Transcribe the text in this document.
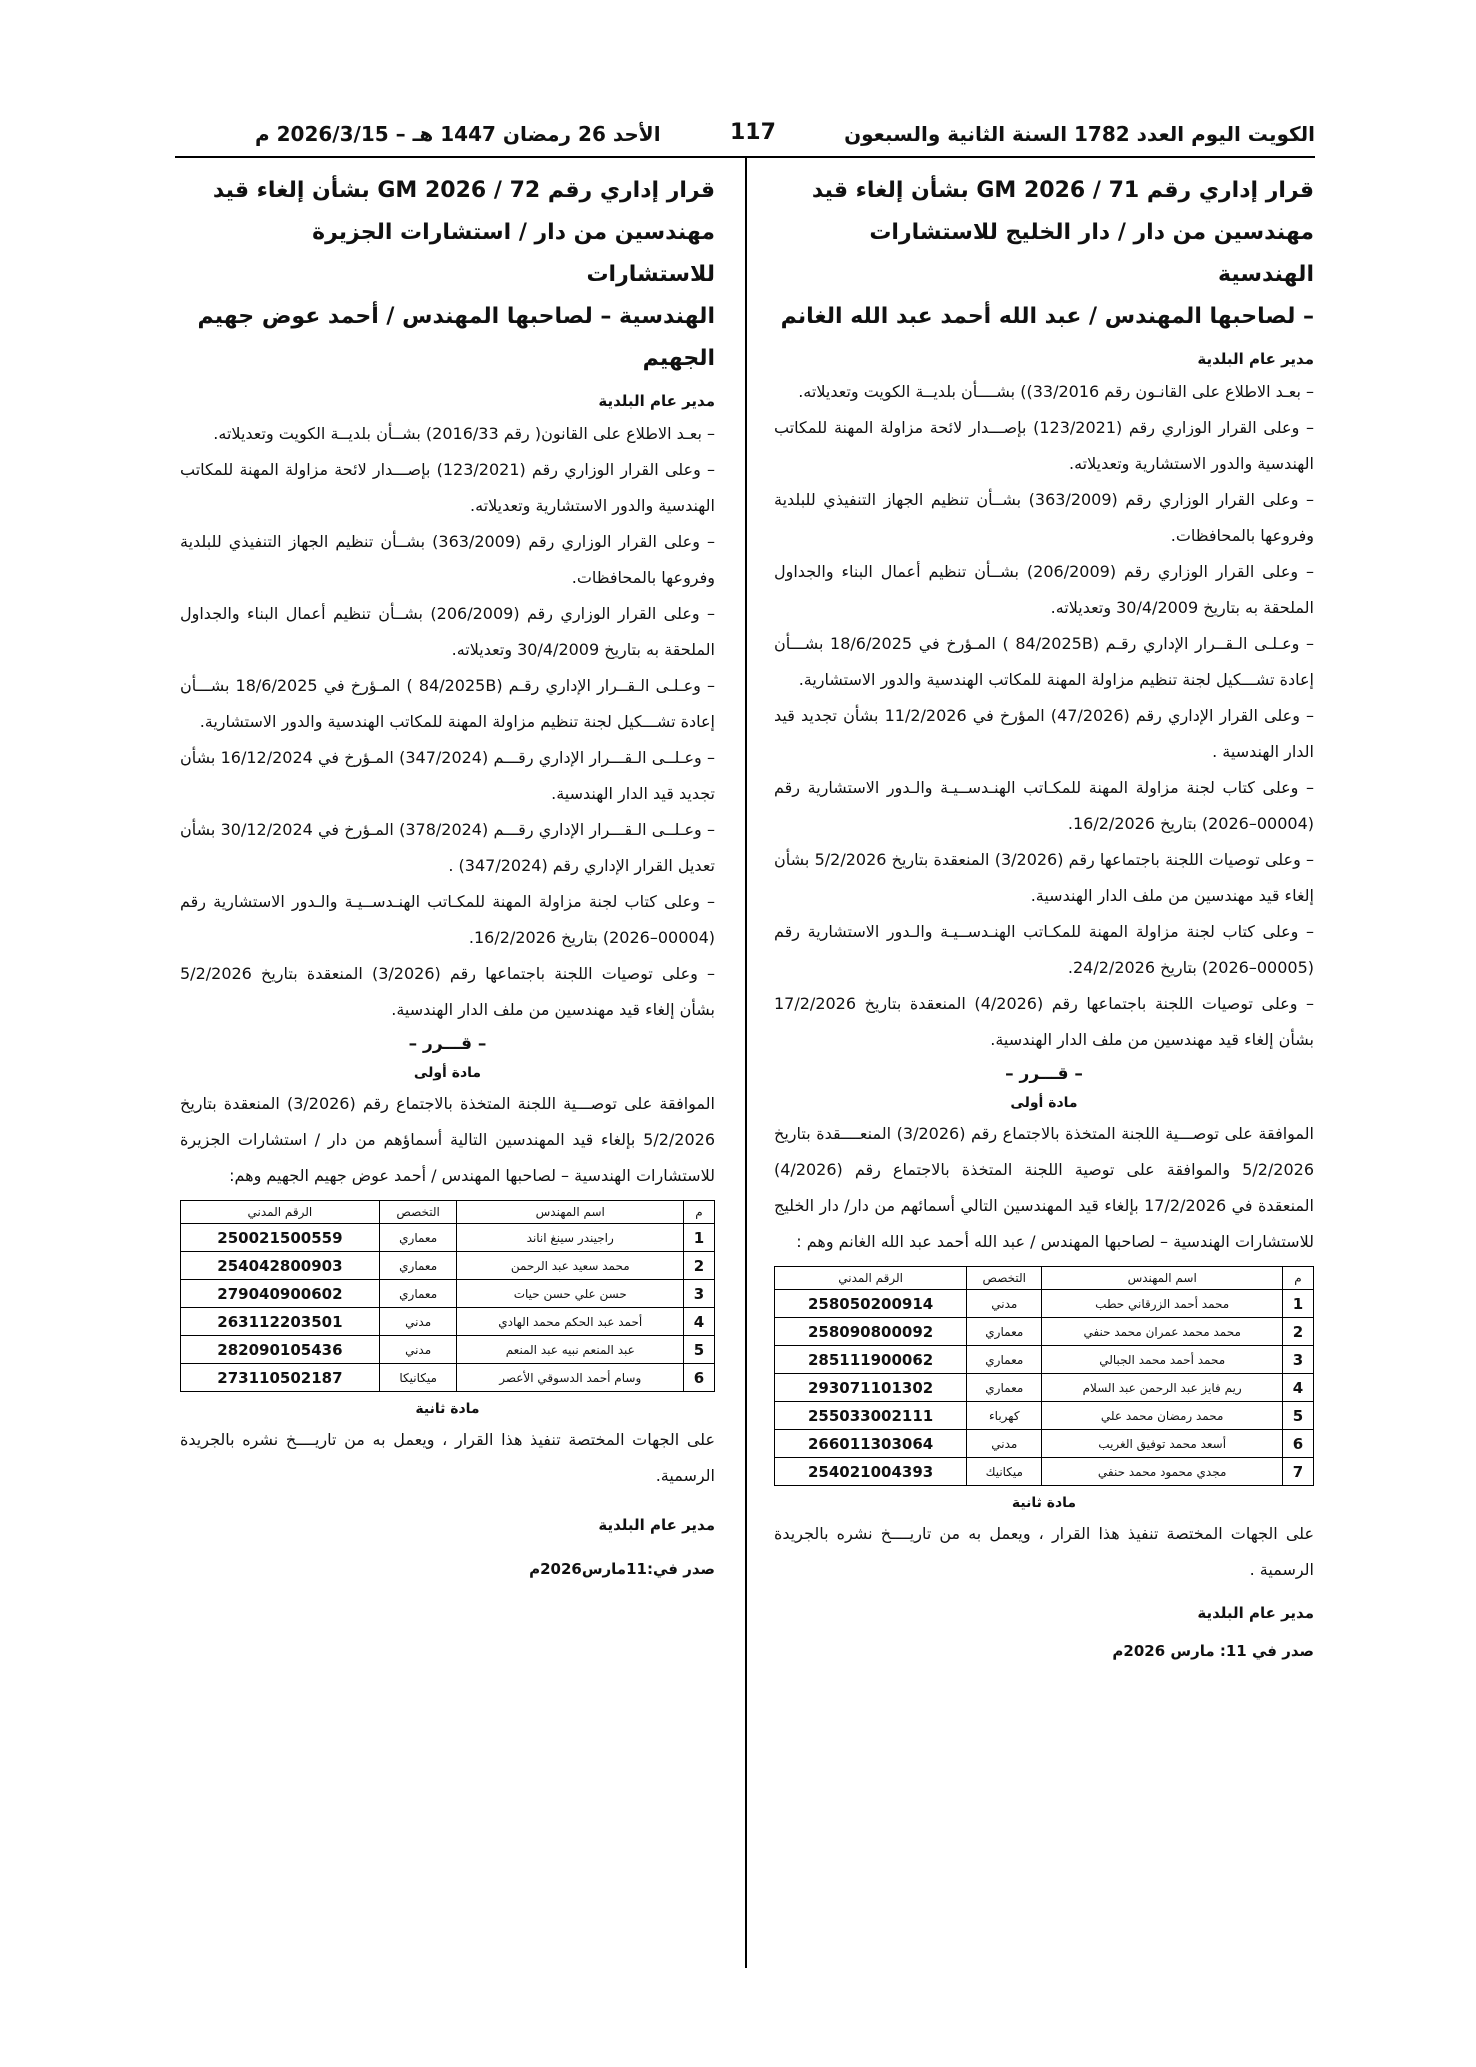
الكويت اليوم العدد 1782 السنة الثانية والسبعون
117
الأحد 26 رمضان 1447 هـ – 2026/3/15 م
قرار إداري رقم 71 / GM 2026 بشأن إلغاء قيد
مهندسين من دار / دار الخليج للاستشارات الهندسية
– لصاحبها المهندس / عبد الله أحمد عبد الله الغانم

مدير عام البلدية

– بعـد الاطلاع على القانـون رقم 33/2016)) بشــــأن بلديــة الكويت وتعديلاته.

– وعلى القرار الوزاري رقم (123/2021) بإصـــدار لائحة مزاولة المهنة للمكاتب الهندسية والدور الاستشارية وتعديلاته.

– وعلى القرار الوزاري رقم (363/2009) بشــأن تنظيم الجهاز التنفيذي للبلدية وفروعها بالمحافظات.

– وعلى القرار الوزاري رقم (206/2009) بشــأن تنظيم أعمال البناء والجداول الملحقة به بتاريخ 30/4/2009 وتعديلاته.

– وعـلـى الـقــرار الإداري رقـم (84/2025B ) المـؤرخ في 18/6/2025 بشـــأن إعادة تشـــكيل لجنة تنظيم مزاولة المهنة للمكاتب الهندسية والدور الاستشارية.

– وعلى القرار الإداري رقم (47/2026) المؤرخ في 11/2/2026 بشأن تجديد قيد الدار الهندسية .

– وعلى كتاب لجنة مزاولة المهنة للمكـاتب الهنـدســيـة والـدور الاستشارية رقم (00004–2026) بتاريخ 16/2/2026.

– وعلى توصيات اللجنة باجتماعها رقم (3/2026) المنعقدة بتاريخ 5/2/2026 بشأن إلغاء قيد مهندسين من ملف الدار الهندسية.

– وعلى كتاب لجنة مزاولة المهنة للمكـاتب الهنـدســيـة والـدور الاستشارية رقم (00005–2026) بتاريخ 24/2/2026.

– وعلى توصيات اللجنة باجتماعها رقم (4/2026) المنعقدة بتاريخ 17/2/2026 بشأن إلغاء قيد مهندسين من ملف الدار الهندسية.

– قـــرر –

مادة أولى

الموافقة على توصـــية اللجنة المتخذة بالاجتماع رقم (3/2026) المنعــــقدة بتاريخ 5/2/2026 والموافقة على توصية اللجنة المتخذة بالاجتماع رقم (4/2026) المنعقدة في 17/2/2026 بإلغاء قيد المهندسين التالي أسمائهم من دار/ دار الخليج للاستشارات الهندسية – لصاحبها المهندس / عبد الله أحمد عبد الله الغانم وهم :

م	اسم المهندس	التخصص	الرقم المدني
1	محمد أحمد الزرقاني حطب	مدني	258050200914
2	محمد محمد عمران محمد حنفي	معماري	258090800092
3	محمد أحمد محمد الجبالي	معماري	285111900062
4	ريم فايز عبد الرحمن عبد السلام	معماري	293071101302
5	محمد رمضان محمد علي	كهرباء	255033002111
6	أسعد محمد توفيق الغريب	مدني	266011303064
7	مجدي محمود محمد حنفي	ميكانيك	254021004393

مادة ثانية

على الجهات المختصة تنفيذ هذا القرار ، ويعمل به من تاريــــخ نشره بالجريدة الرسمية .

مدير عام البلدية

صدر في 11: مارس 2026م

قرار إداري رقم 72 / GM 2026 بشأن إلغاء قيد
مهندسين من دار / استشارات الجزيرة للاستشارات
الهندسية – لصاحبها المهندس / أحمد عوض جهيم الجهيم

مدير عام البلدية

– بعـد الاطلاع على القانون( رقم 2016/33) بشــأن بلديــة الكويت وتعديلاته.

– وعلى القرار الوزاري رقم (123/2021) بإصـــدار لائحة مزاولة المهنة للمكاتب الهندسية والدور الاستشارية وتعديلاته.

– وعلى القرار الوزاري رقم (363/2009) بشــأن تنظيم الجهاز التنفيذي للبلدية وفروعها بالمحافظات.

– وعلى القرار الوزاري رقم (206/2009) بشــأن تنظيم أعمال البناء والجداول الملحقة به بتاريخ 30/4/2009 وتعديلاته.

– وعـلـى الـقــرار الإداري رقـم (84/2025B ) المـؤرخ في 18/6/2025 بشـــأن إعادة تشـــكيل لجنة تنظيم مزاولة المهنة للمكاتب الهندسية والدور الاستشارية.

– وعـلــى الـقـــرار الإداري رقـــم (347/2024) المـؤرخ في 16/12/2024 بشأن تجديد قيد الدار الهندسية.

– وعـلــى الـقـــرار الإداري رقـــم (378/2024) المـؤرخ في 30/12/2024 بشأن تعديل القرار الإداري رقم (347/2024) .

– وعلى كتاب لجنة مزاولة المهنة للمكـاتب الهنـدســيـة والـدور الاستشارية رقم (00004–2026) بتاريخ 16/2/2026.

– وعلى توصيات اللجنة باجتماعها رقم (3/2026) المنعقدة بتاريخ 5/2/2026 بشأن إلغاء قيد مهندسين من ملف الدار الهندسية.

– قـــرر –

مادة أولى

الموافقة على توصـــية اللجنة المتخذة بالاجتماع رقم (3/2026) المنعقدة بتاريخ 5/2/2026 بإلغاء قيد المهندسين التالية أسماؤهم من دار / استشارات الجزيرة للاستشارات الهندسية – لصاحبها المهندس / أحمد عوض جهيم الجهيم وهم:

م	اسم المهندس	التخصص	الرقم المدني
1	راجيندر سينغ اناند	معماري	250021500559
2	محمد سعيد عبد الرحمن	معماري	254042800903
3	حسن علي حسن حيات	معماري	279040900602
4	أحمد عبد الحكم محمد الهادي	مدني	263112203501
5	عبد المنعم نبيه عبد المنعم	مدني	282090105436
6	وسام أحمد الدسوقي الأعصر	ميكانيكا	273110502187

مادة ثانية

على الجهات المختصة تنفيذ هذا القرار ، ويعمل به من تاريــــخ نشره بالجريدة الرسمية.

مدير عام البلدية

صدر في:11مارس2026م
